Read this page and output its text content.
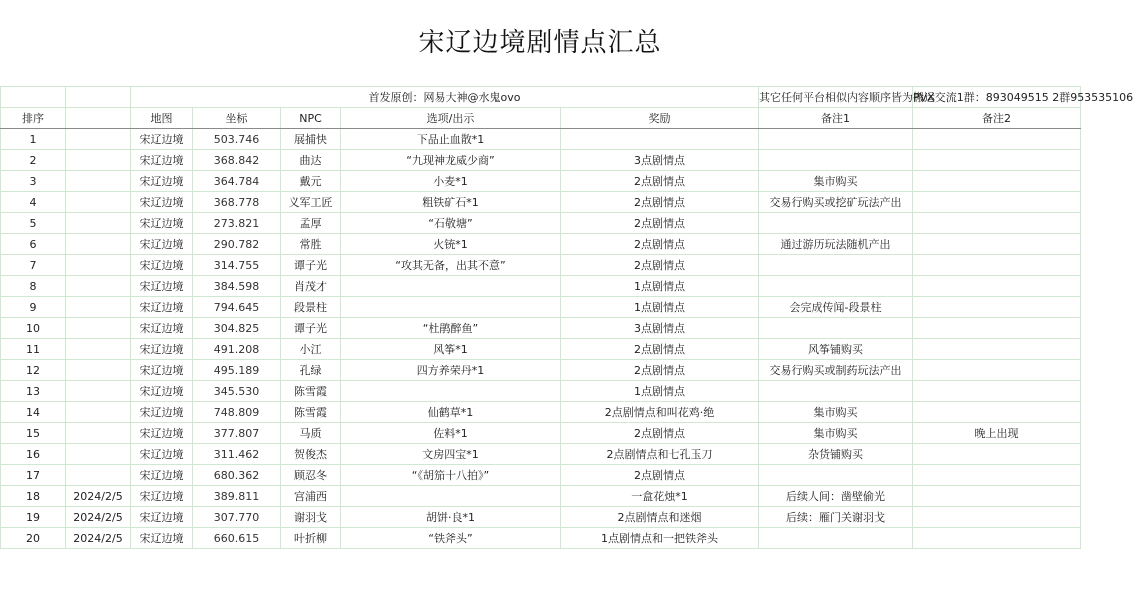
宋辽边境剧情点汇总
		首发原创：网易大神@水鬼ovo					其它任何平台相似内容顺序皆为搬运	PVX交流1群：893049515 2群953535106
排序		地图	坐标	NPC	选项/出示	奖励	备注1	备注2
1		宋辽边境	503.746	展捕快	下品止血散*1			
2		宋辽边境	368.842	曲达	“九现神龙威少商”	3点剧情点		
3		宋辽边境	364.784	戴元	小麦*1	2点剧情点	集市购买	
4		宋辽边境	368.778	义军工匠	粗铁矿石*1	2点剧情点	交易行购买或挖矿玩法产出	
5		宋辽边境	273.821	孟厚	“石敬塘”	2点剧情点		
6		宋辽边境	290.782	常胜	火铳*1	2点剧情点	通过游历玩法随机产出	
7		宋辽边境	314.755	谭子光	“攻其无备，出其不意”	2点剧情点		
8		宋辽边境	384.598	肖茂才		1点剧情点		
9		宋辽边境	794.645	段景柱		1点剧情点	会完成传闻-段景柱	
10		宋辽边境	304.825	谭子光	“杜鹃醉鱼”	3点剧情点		
11		宋辽边境	491.208	小江	风筝*1	2点剧情点	风筝铺购买	
12		宋辽边境	495.189	孔绿	四方养荣丹*1	2点剧情点	交易行购买或制药玩法产出	
13		宋辽边境	345.530	陈雪霞		1点剧情点		
14		宋辽边境	748.809	陈雪霞	仙鹤草*1	2点剧情点和叫花鸡·绝	集市购买	
15		宋辽边境	377.807	马质	佐料*1	2点剧情点	集市购买	晚上出现
16		宋辽边境	311.462	贺俊杰	文房四宝*1	2点剧情点和七孔玉刀	杂货铺购买	
17		宋辽边境	680.362	顾忍冬	“《胡笳十八拍》”	2点剧情点		
18	2024/2/5	宋辽边境	389.811	宫浦西		一盒花烛*1	后续人间：凿壁偷光	
19	2024/2/5	宋辽边境	307.770	谢羽戈	胡饼·良*1	2点剧情点和迷烟	后续：雁门关谢羽戈	
20	2024/2/5	宋辽边境	660.615	叶折柳	“铁斧头”	1点剧情点和一把铁斧头		
